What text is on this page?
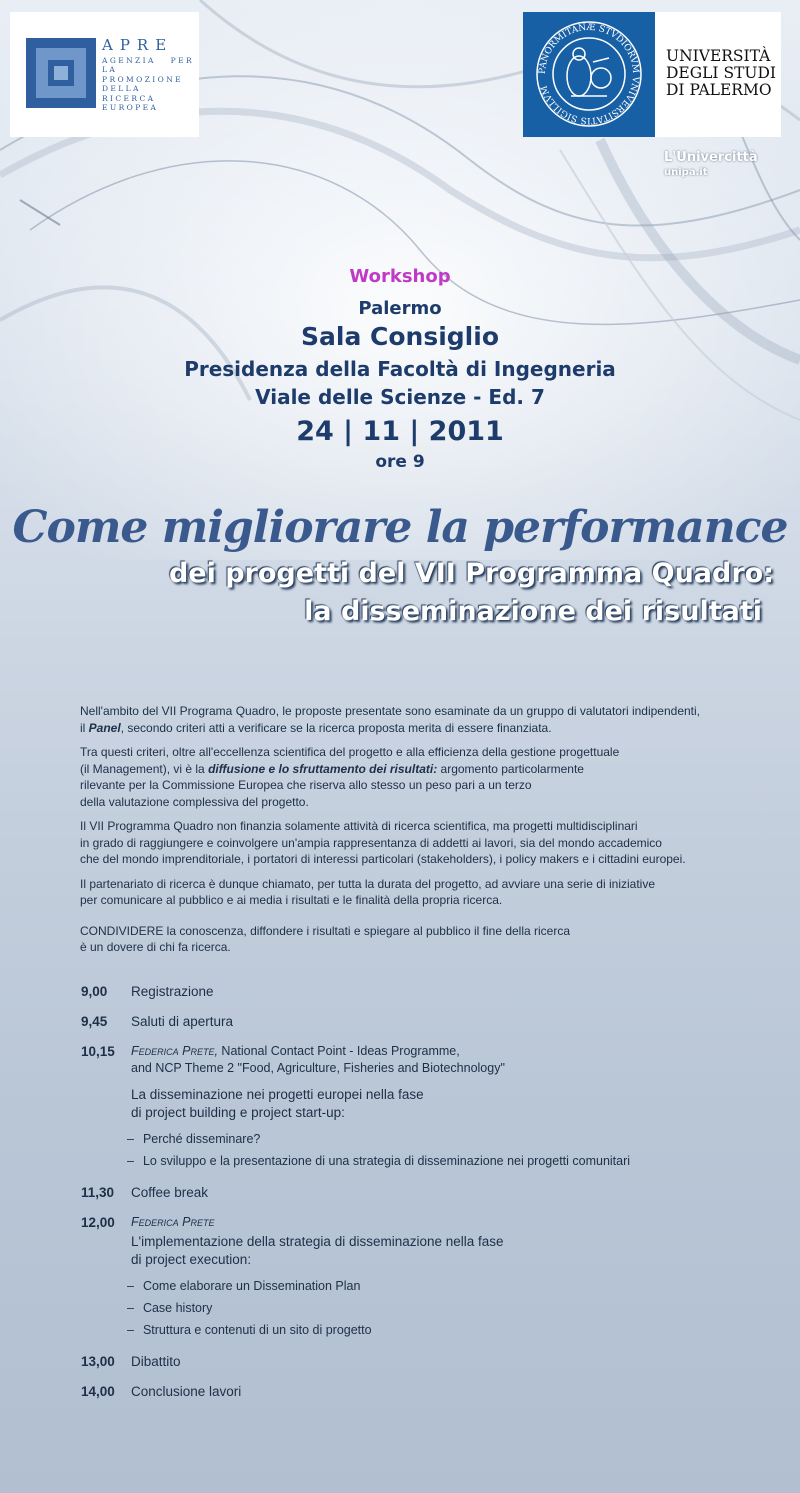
APRE
AGENZIA PER LA PROMOZIONE DELLA RICERCA EUROPEA
PANORMITANÆ STVDIORVM VNIVERSITATIS SIGILLVM
UNIVERSITÀ
DEGLI STUDI
DI PALERMO
L'Univercittà
unipa.it
Workshop
Palermo
Sala Consiglio
Presidenza della Facoltà di Ingegneria
Viale delle Scienze - Ed. 7
24 | 11 | 2011
ore 9
Come migliorare la performance
dei progetti del VII Programma Quadro:
la disseminazione dei risultati

Nell'ambito del VII Programa Quadro, le proposte presentate sono esaminate da un gruppo di valutatori indipendenti,
il Panel, secondo criteri atti a verificare se la ricerca proposta merita di essere finanziata.

Tra questi criteri, oltre all'eccellenza scientifica del progetto e alla efficienza della gestione progettuale
(il Management), vi è la diffusione e lo sfruttamento dei risultati: argomento particolarmente
rilevante per la Commissione Europea che riserva allo stesso un peso pari a un terzo
della valutazione complessiva del progetto.

Il VII Programma Quadro non finanzia solamente attività di ricerca scientifica, ma progetti multidisciplinari
in grado di raggiungere e coinvolgere un'ampia rappresentanza di addetti ai lavori, sia del mondo accademico
che del mondo imprenditoriale, i portatori di interessi particolari (stakeholders), i policy makers e i cittadini europei.

Il partenariato di ricerca è dunque chiamato, per tutta la durata del progetto, ad avviare una serie di iniziative
per comunicare al pubblico e ai media i risultati e le finalità della propria ricerca.

CONDIVIDERE la conoscenza, diffondere i risultati e spiegare al pubblico il fine della ricerca
è un dovere di chi fa ricerca.

9,00	Registrazione
9,45	Saluti di apertura
10,15	Federica Prete, National Contact Point - Ideas Programme,
and NCP Theme 2 "Food, Agriculture, Fisheries and Biotechnology"
La disseminazione nei progetti europei nella fase
di project building e project start-up:
– Perché disseminare?
– Lo sviluppo e la presentazione di una strategia di disseminazione nei progetti comunitari
11,30	Coffee break
12,00	Federica Prete
L'implementazione della strategia di disseminazione nella fase
di project execution:
– Come elaborare un Dissemination Plan
– Case history
– Struttura e contenuti di un sito di progetto
13,00	Dibattito
14,00	Conclusione lavori
